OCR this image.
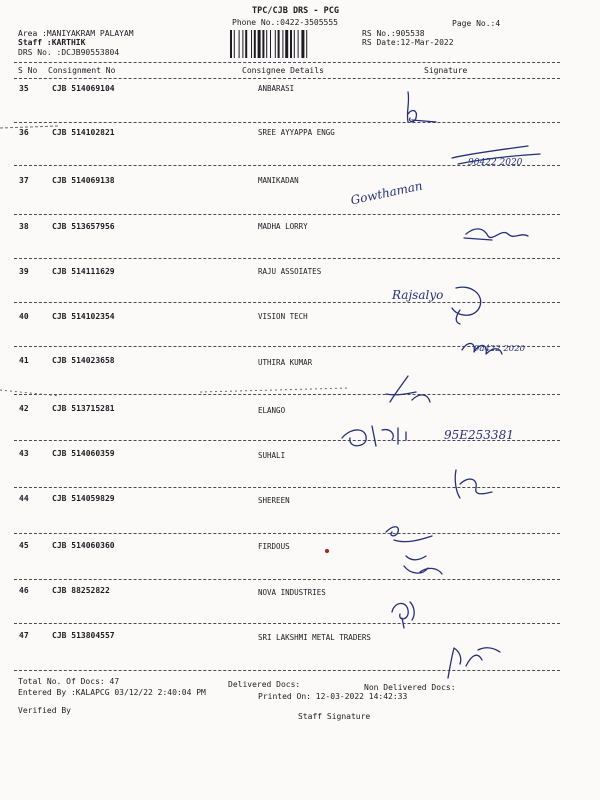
TPC/CJB DRS - PCG
Phone No.:0422-3505555	Page No.:4
Area :MANIYAKRAM PALAYAM
Staff :KARTHIK
DRS No. :DCJB90553804
RS No.:905538
RS Date:12-Mar-2022
S No Consignment No	Consignee Details	Signature
35	CJB 514069104	ANBARASI
36	CJB 514102821	SREE AYYAPPA ENGG
37	CJB 514069138	MANIKADAN
38	CJB 513657956	MADHA LORRY
39	CJB 514111629	RAJU ASSOIATES
40	CJB 514102354	VISION TECH
41	CJB 514023658	UTHIRA KUMAR
42	CJB 513715281	ELANGO
43	CJB 514060359	SUHALI
44	CJB 514059829	SHEREEN
45	CJB 514060360	FIRDOUS
46	CJB 88252822	NOVA INDUSTRIES
47	CJB 513804557	SRI LAKSHMI METAL TRADERS
Total No. Of Docs: 47	Delivered Docs:	Non Delivered Docs:
Entered By :KALAPCG 03/12/22 2:40:04 PM	Printed On: 12-03-2022 14:42:33
Verified By
Staff Signature
90422 2020
Gowthaman
Rajsalyo
9a422 2020
95E253381
